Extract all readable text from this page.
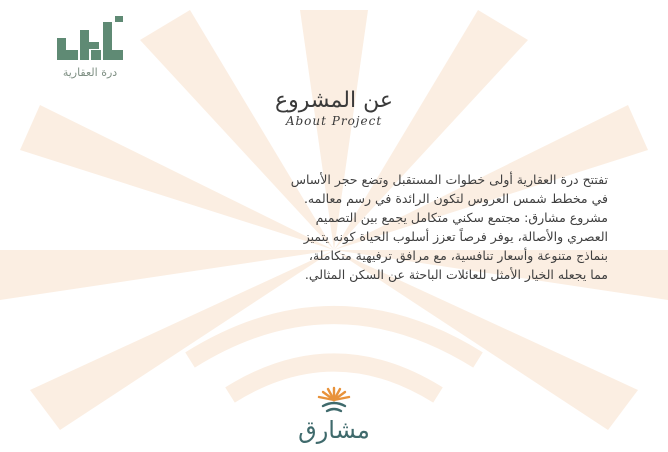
درة العقارية
عن المشروع
About Project
تفتتح درة العقارية أولى خطوات المستقبل وتضع حجر الأساس
في مخطط شمس العروس لتكون الرائدة في رسم معالمه.
مشروع مشارق: مجتمع سكني متكامل يجمع بين التصميم
العصري والأصالة، يوفر فرصاً تعزز أسلوب الحياة كونه يتميز
بنماذج متنوعة وأسعار تنافسية، مع مرافق ترفيهية متكاملة،
مما يجعله الخيار الأمثل للعائلات الباحثة عن السكن المثالي.
مشارق
